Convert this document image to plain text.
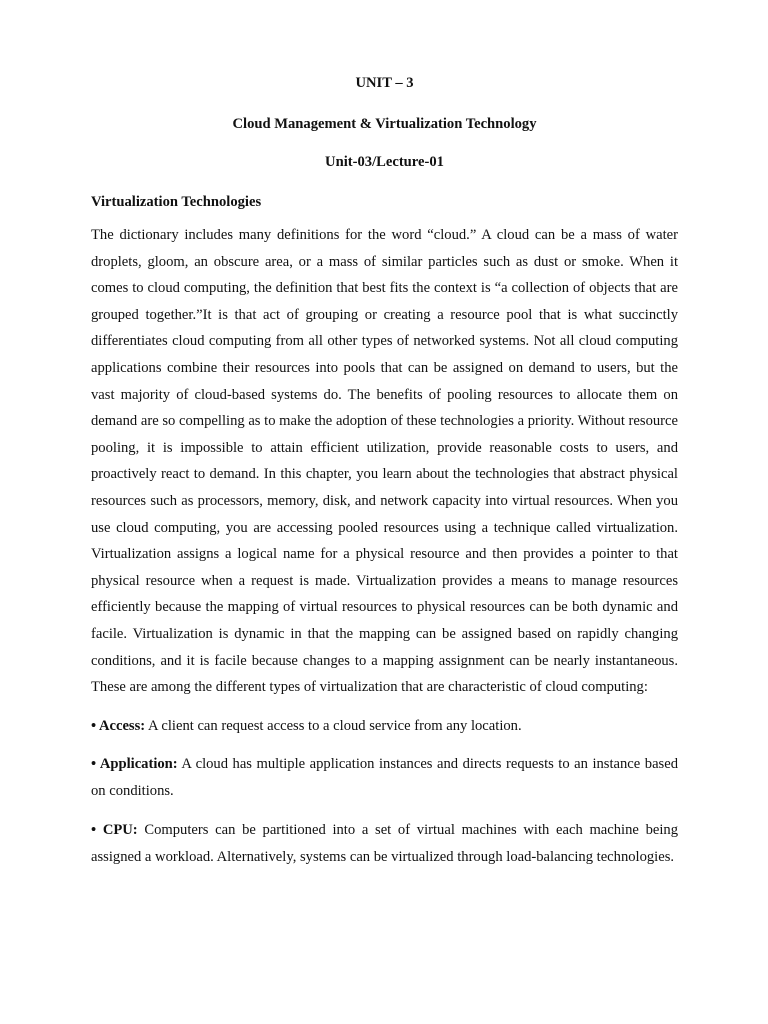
UNIT – 3

Cloud Management & Virtualization Technology

Unit-03/Lecture-01

Virtualization Technologies

The dictionary includes many definitions for the word “cloud.” A cloud can be a mass of water droplets, gloom, an obscure area, or a mass of similar particles such as dust or smoke. When it comes to cloud computing, the definition that best fits the context is “a collection of objects that are grouped together.”It is that act of grouping or creating a resource pool that is what succinctly differentiates cloud computing from all other types of networked systems. Not all cloud computing applications combine their resources into pools that can be assigned on demand to users, but the vast majority of cloud-based systems do. The benefits of pooling resources to allocate them on demand are so compelling as to make the adoption of these technologies a priority. Without resource pooling, it is impossible to attain efficient utilization, provide reasonable costs to users, and proactively react to demand. In this chapter, you learn about the technologies that abstract physical resources such as processors, memory, disk, and network capacity into virtual resources. When you use cloud computing, you are accessing pooled resources using a technique called virtualization. Virtualization assigns a logical name for a physical resource and then provides a pointer to that physical resource when a request is made. Virtualization provides a means to manage resources efficiently because the mapping of virtual resources to physical resources can be both dynamic and facile. Virtualization is dynamic in that the mapping can be assigned based on rapidly changing conditions, and it is facile because changes to a mapping assignment can be nearly instantaneous. These are among the different types of virtualization that are characteristic of cloud computing:

• Access: A client can request access to a cloud service from any location.

• Application: A cloud has multiple application instances and directs requests to an instance based on conditions.

• CPU: Computers can be partitioned into a set of virtual machines with each machine being assigned a workload. Alternatively, systems can be virtualized through load-balancing technologies.
